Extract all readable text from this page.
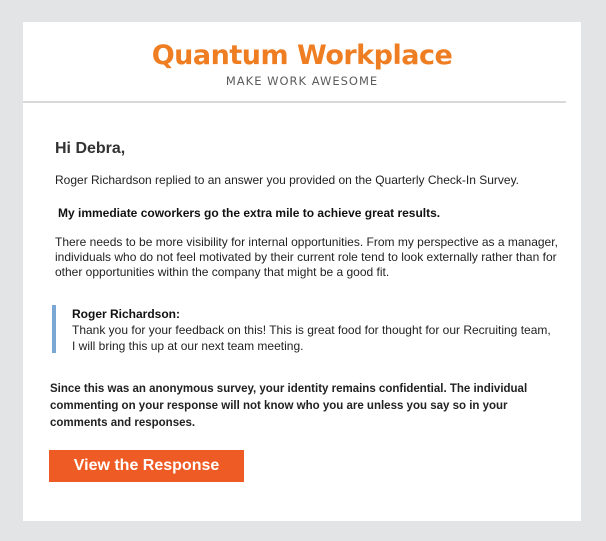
Quantum Workplace
MAKE WORK AWESOME
Hi Debra,
Roger Richardson replied to an answer you provided on the Quarterly Check-In Survey.
My immediate coworkers go the extra mile to achieve great results.
There needs to be more visibility for internal opportunities. From my perspective as a manager, individuals who do not feel motivated by their current role tend to look externally rather than for other opportunities within the company that might be a good fit.
Roger Richardson:
Thank you for your feedback on this! This is great food for thought for our Recruiting team, I will bring this up at our next team meeting.
Since this was an anonymous survey, your identity remains confidential. The individual commenting on your response will not know who you are unless you say so in your comments and responses.
View the Response
